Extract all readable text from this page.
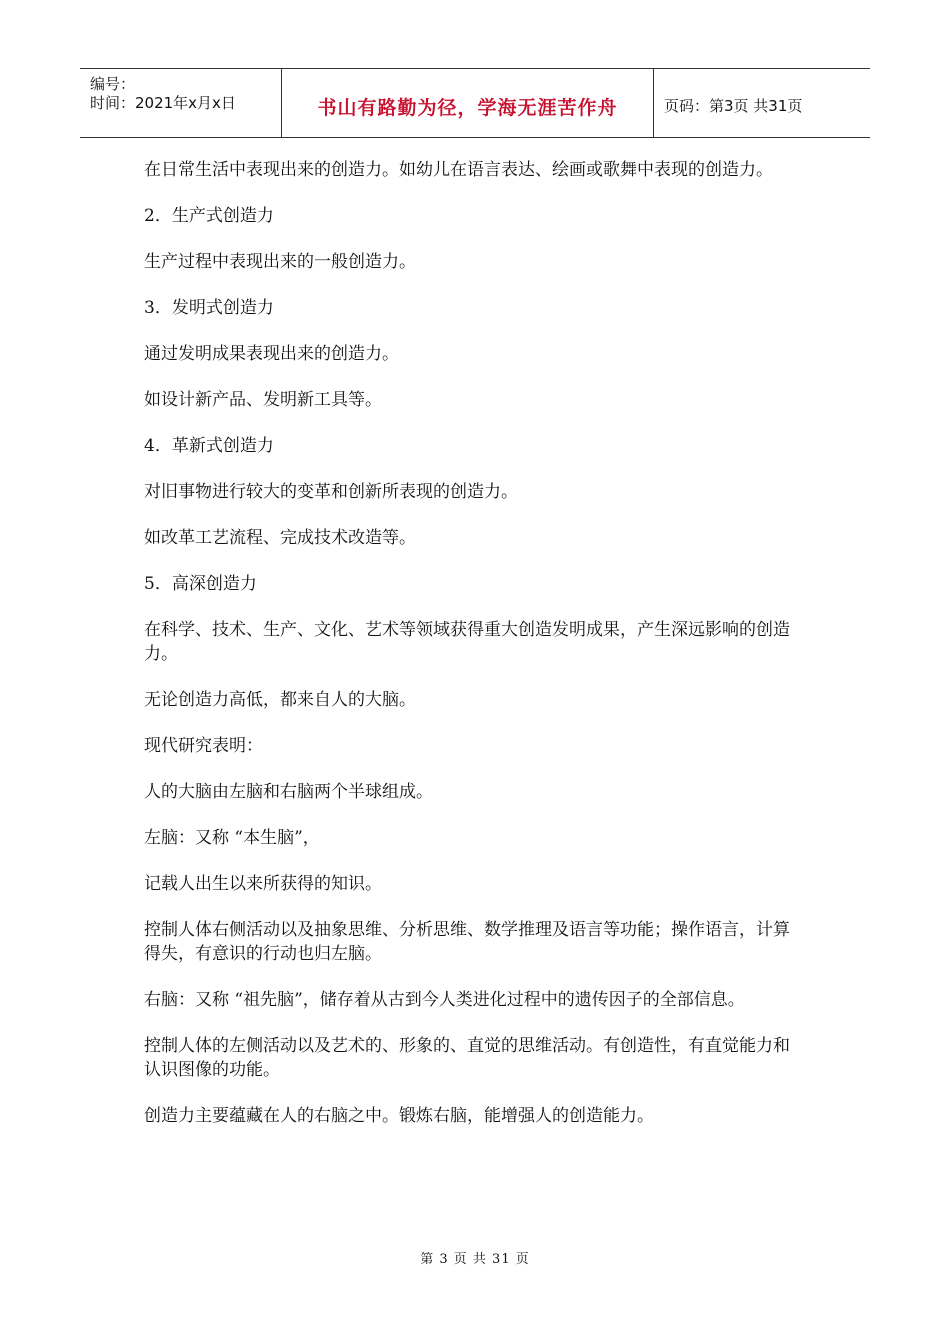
编号：
时间：2021年x月x日	书山有路勤为径，学海无涯苦作舟	页码：第3页 共31页

在日常生活中表现出来的创造力。如幼儿在语言表达、绘画或歌舞中表现的创造力。

2．生产式创造力

生产过程中表现出来的一般创造力。

3．发明式创造力

通过发明成果表现出来的创造力。

如设计新产品、发明新工具等。

4．革新式创造力

对旧事物进行较大的变革和创新所表现的创造力。

如改革工艺流程、完成技术改造等。

5．高深创造力

在科学、技术、生产、文化、艺术等领域获得重大创造发明成果，产生深远影响的创造力。

无论创造力高低，都来自人的大脑。

现代研究表明：

人的大脑由左脑和右脑两个半球组成。

左脑：又称 “本生脑”，

记载人出生以来所获得的知识。

控制人体右侧活动以及抽象思维、分析思维、数学推理及语言等功能；操作语言，计算得失，有意识的行动也归左脑。

右脑：又称 “祖先脑”，储存着从古到今人类进化过程中的遗传因子的全部信息。

控制人体的左侧活动以及艺术的、形象的、直觉的思维活动。有创造性，有直觉能力和认识图像的功能。

创造力主要蕴藏在人的右脑之中。锻炼右脑，能增强人的创造能力。

第 3 页 共 31 页
